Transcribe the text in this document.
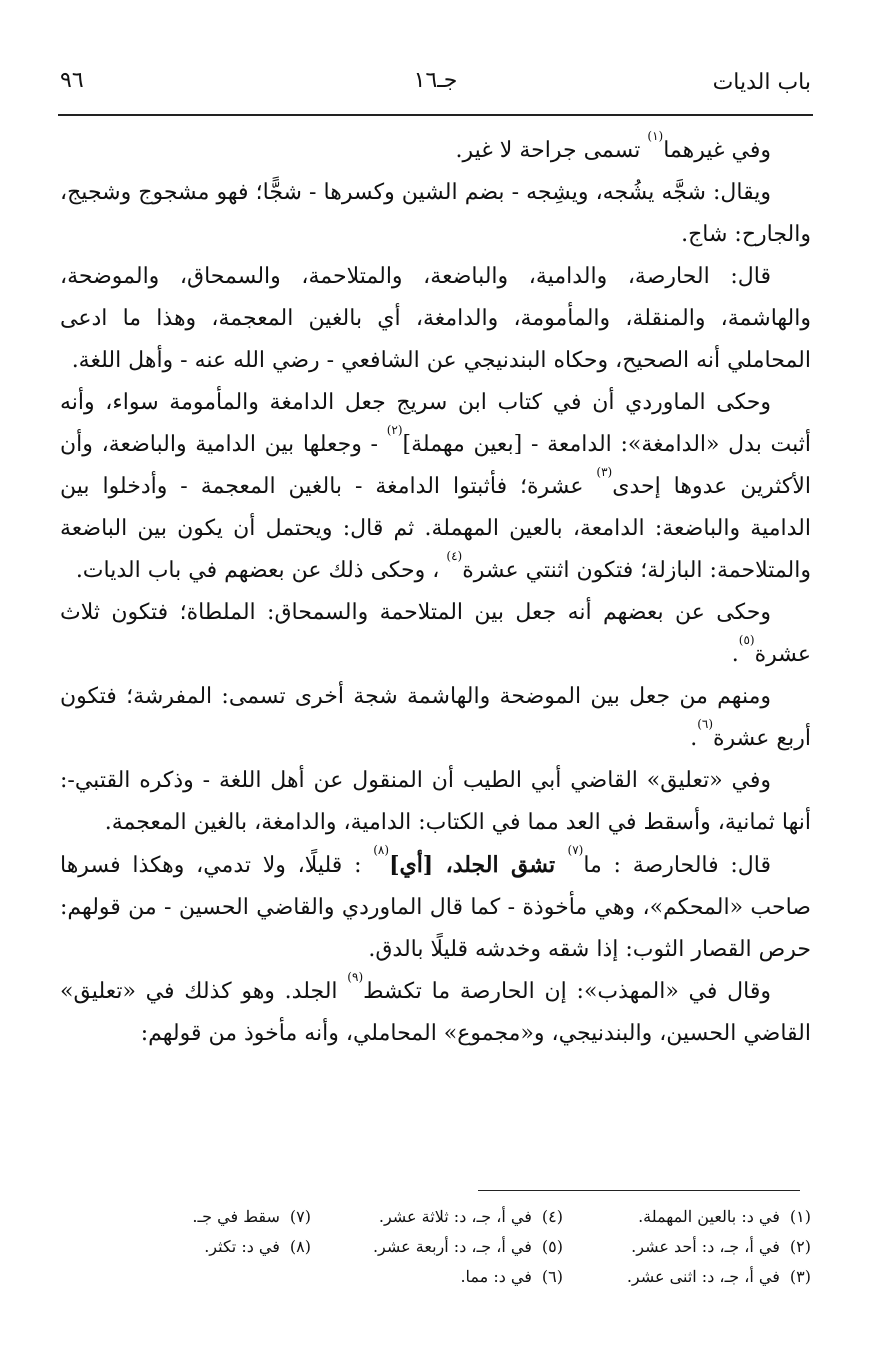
باب الديات
جـ١٦
٩٦

وفي غيرهما$^{(١)}$ تسمى جراحة لا غير.

ويقال: شجَّه يشُجه، ويشِجه - بضم الشين وكسرها - شجًّا؛ فهو مشجوج وشجيج، والجارح: شاج.

قال: الحارصة، والدامية، والباضعة، والمتلاحمة، والسمحاق، والموضحة، والهاشمة، والمنقلة، والمأمومة، والدامغة، أي بالغين المعجمة، وهذا ما ادعى المحاملي أنه الصحيح، وحكاه البندنيجي عن الشافعي - رضي الله عنه - وأهل اللغة.

وحكى الماوردي أن في كتاب ابن سريج جعل الدامغة والمأمومة سواء، وأنه أثبت بدل «الدامغة»: الدامعة - [بعين مهملة]$^{(٢)}$ - وجعلها بين الدامية والباضعة، وأن الأكثرين عدوها إحدى$^{(٣)}$ عشرة؛ فأثبتوا الدامغة - بالغين المعجمة - وأدخلوا بين الدامية والباضعة: الدامعة، بالعين المهملة. ثم قال: ويحتمل أن يكون بين الباضعة والمتلاحمة: البازلة؛ فتكون اثنتي عشرة$^{(٤)}$ ، وحكى ذلك عن بعضهم في باب الديات.

وحكى عن بعضهم أنه جعل بين المتلاحمة والسمحاق: الملطاة؛ فتكون ثلاث عشرة$^{(٥)}$.

ومنهم من جعل بين الموضحة والهاشمة شجة أخرى تسمى: المفرشة؛ فتكون أربع عشرة$^{(٦)}$.

وفي «تعليق» القاضي أبي الطيب أن المنقول عن أهل اللغة - وذكره القتبي-: أنها ثمانية، وأسقط في العد مما في الكتاب: الدامية، والدامغة، بالغين المعجمة.

قال: فالحارصة : ما$^{(٧)}$ تشق الجلد، [أي]$^{(٨)}$ : قليلًا، ولا تدمي، وهكذا فسرها صاحب «المحكم»، وهي مأخوذة - كما قال الماوردي والقاضي الحسين - من قولهم: حرص القصار الثوب: إذا شقه وخدشه قليلًا بالدق.

وقال في «المهذب»: إن الحارصة ما تكشط$^{(٩)}$ الجلد. وهو كذلك في «تعليق» القاضي الحسين، والبندنيجي، و«مجموع» المحاملي، وأنه مأخوذ من قولهم:

(١)في د: بالعين المهملة.
(٢)في أ، جـ، د: أحد عشر.
(٣)في أ، جـ، د: اثنى عشر.
(٤)في أ، جـ، د: ثلاثة عشر.
(٥)في أ، جـ، د: أربعة عشر.
(٦)في د: مما.
(٧)سقط في جـ.
(٨)في د: تكثر.
